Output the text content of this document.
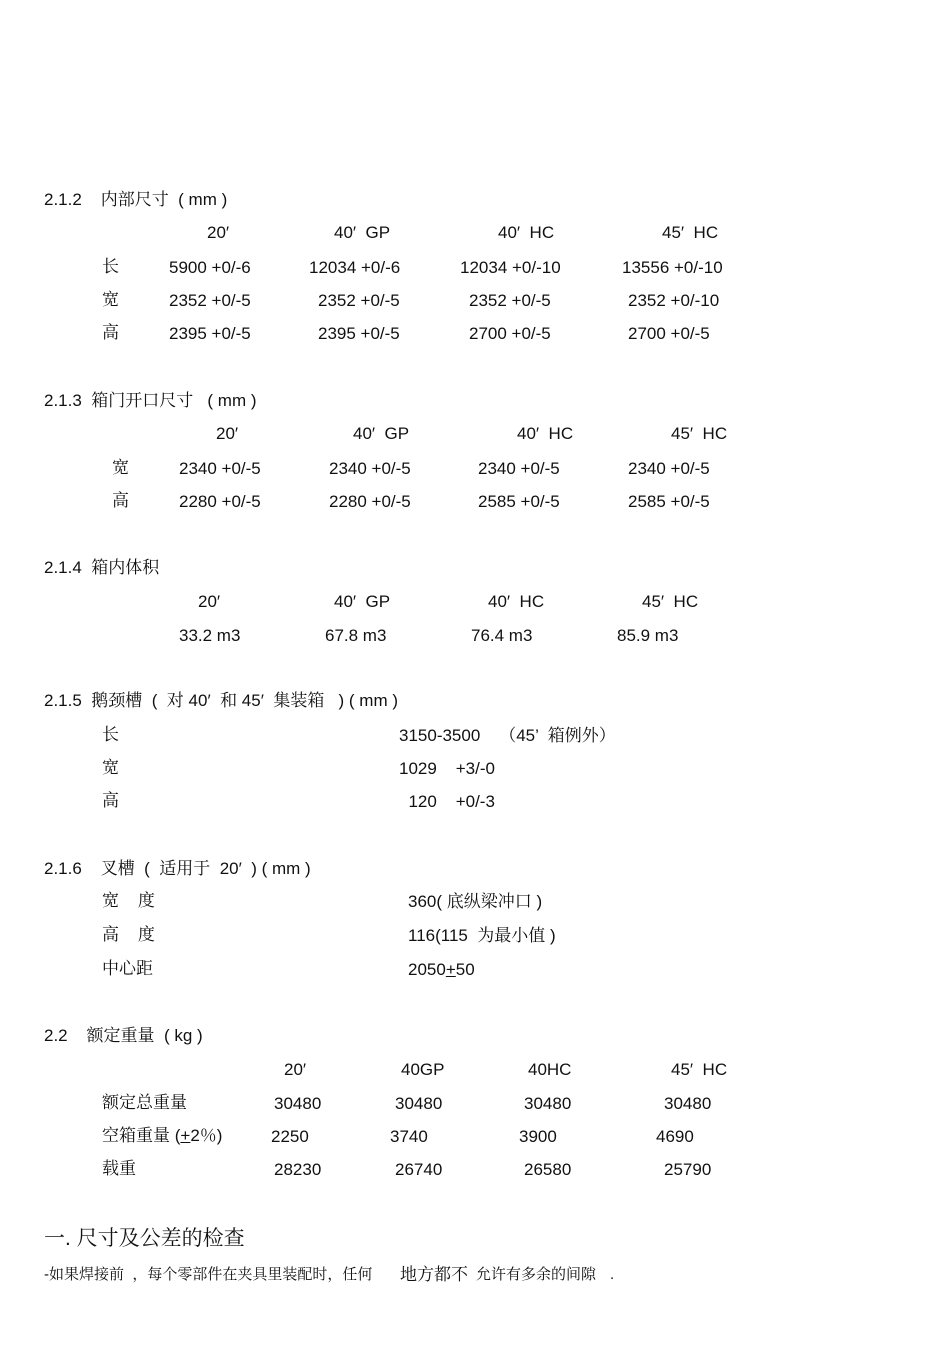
2.1.2    内部尺寸  ( mm )
20′	40′  GP	40′  HC	45′  HC
长	5900 +0/-6	12034 +0/-6	12034 +0/-10	13556 +0/-10
宽	2352 +0/-5	2352 +0/-5	2352 +0/-5	2352 +0/-10
高	2395 +0/-5	2395 +0/-5	2700 +0/-5	2700 +0/-5
2.1.3  箱门开口尺寸   ( mm )
20′	40′  GP	40′  HC	45′  HC
宽	2340 +0/-5	2340 +0/-5	2340 +0/-5	2340 +0/-5
高	2280 +0/-5	2280 +0/-5	2585 +0/-5	2585 +0/-5
2.1.4  箱内体积
20′	40′  GP	40′  HC	45′  HC
33.2 m3	67.8 m3	76.4 m3	85.9 m3
2.1.5  鹅颈槽  (  对 40′  和 45′  集装箱   ) ( mm )
长	3150-3500    （45’  箱例外）
宽	1029    +3/-0
高	120    +0/-3
2.1.6    叉槽  (  适用于  20′  ) ( mm )
宽    度	360( 底纵梁冲口 )
高    度	116(115  为最小值 )
中心距	2050+50
2.2    额定重量  ( kg )
20′	40GP	40HC	45′  HC
额定总重量	30480	30480	30480	30480
空箱重量 (+2％)	2250	3740	3900	4690
载重	28230	26740	26580	25790
一. 尺寸及公差的检查
-如果焊接前  ，每个零部件在夹具里装配时，任何 地方都不 允许有多余的间隙 .
